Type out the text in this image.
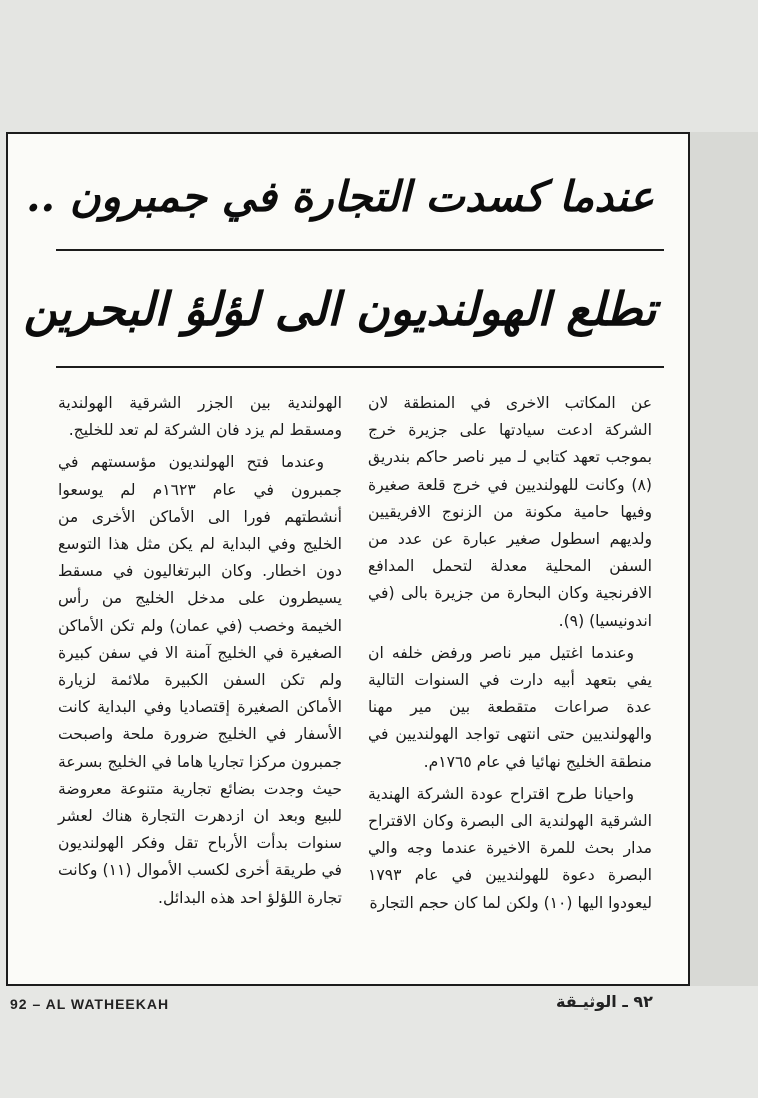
عندما كسدت التجارة في جمبرون ..
تطلع الهولنديون الى لؤلؤ البحرين

عن المكاتب الاخرى في المنطقة لان الشركة ادعت سيادتها على جزيرة خرج بموجب تعهد كتابي لـ مير ناصر حاكم بندريق (٨) وكانت للهولنديين في خرج قلعة صغيرة وفيها حامية مكونة من الزنوج الافريقيين ولديهم اسطول صغير عبارة عن عدد من السفن المحلية معدلة لتحمل المدافع الافرنجية وكان البحارة من جزيرة بالى (في اندونيسيا) (٩).

وعندما اغتيل مير ناصر ورفض خلفه ان يفي بتعهد أبيه دارت في السنوات التالية عدة صراعات متقطعة بين مير مهنا والهولنديين حتى انتهى تواجد الهولنديين في منطقة الخليج نهائيا في عام ١٧٦٥م.

واحيانا طرح اقتراح عودة الشركة الهندية الشرقية الهولندية الى البصرة وكان الاقتراح مدار بحث للمرة الاخيرة عندما وجه والي البصرة دعوة للهولنديين في عام ١٧٩٣ ليعودوا اليها (١٠) ولكن لما كان حجم التجارة

الهولندية بين الجزر الشرقية الهولندية ومسقط لم يزد فان الشركة لم تعد للخليج.

وعندما فتح الهولنديون مؤسستهم في جمبرون في عام ١٦٢٣م لم يوسعوا أنشطتهم فورا الى الأماكن الأخرى من الخليج وفي البداية لم يكن مثل هذا التوسع دون اخطار. وكان البرتغاليون في مسقط يسيطرون على مدخل الخليج من رأس الخيمة وخصب (في عمان) ولم تكن الأماكن الصغيرة في الخليج آمنة الا في سفن كبيرة ولم تكن السفن الكبيرة ملائمة لزيارة الأماكن الصغيرة إقتصاديا وفي البداية كانت الأسفار في الخليج ضرورة ملحة واصبحت جمبرون مركزا تجاريا هاما في الخليج بسرعة حيث وجدت بضائع تجارية متنوعة معروضة للبيع وبعد ان ازدهرت التجارة هناك لعشر سنوات بدأت الأرباح تقل وفكر الهولنديون في طريقة أخرى لكسب الأموال (١١) وكانت تجارة اللؤلؤ احد هذه البدائل.

92 – AL WATHEEKAH	٩٢ ـ الوثيـقة
